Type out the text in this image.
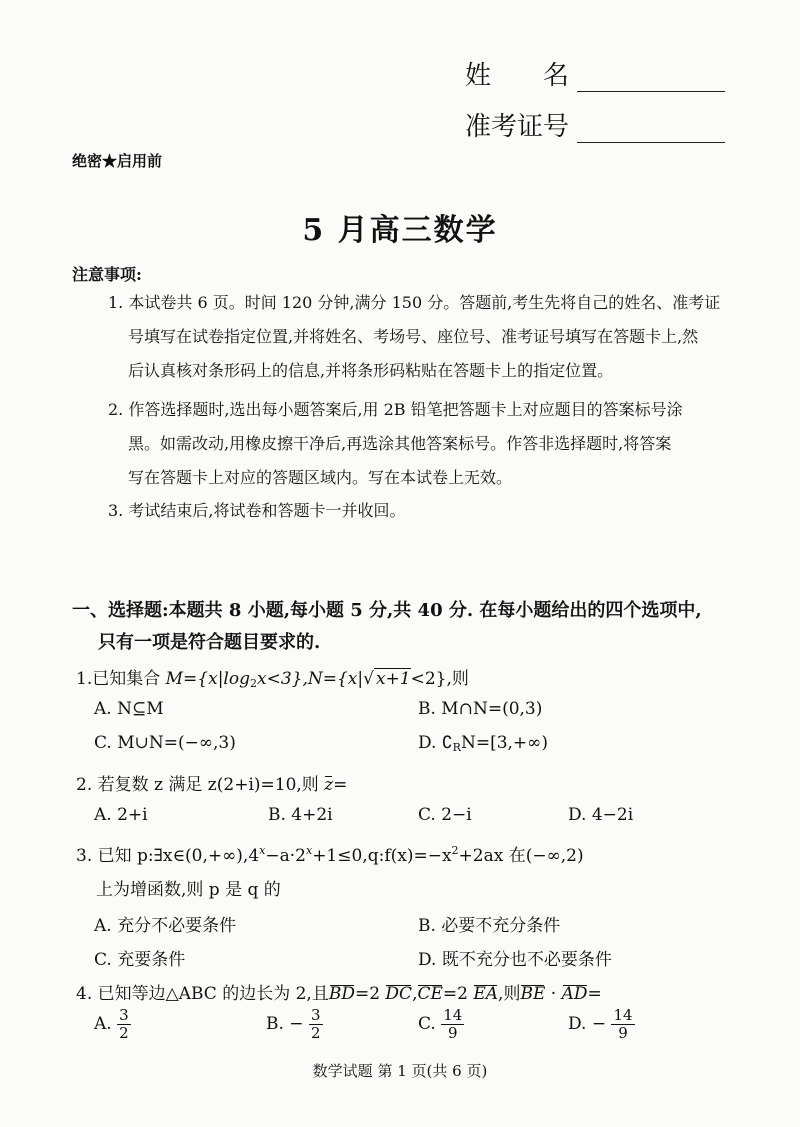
姓　　名
准考证号
绝密★启用前
5 月高三数学
注意事项:
1. 本试卷共 6 页。时间 120 分钟,满分 150 分。答题前,考生先将自己的姓名、准考证
号填写在试卷指定位置,并将姓名、考场号、座位号、准考证号填写在答题卡上,然
后认真核对条形码上的信息,并将条形码粘贴在答题卡上的指定位置。
2. 作答选择题时,选出每小题答案后,用 2B 铅笔把答题卡上对应题目的答案标号涂
黑。如需改动,用橡皮擦干净后,再选涂其他答案标号。作答非选择题时,将答案
写在答题卡上对应的答题区域内。写在本试卷上无效。
3. 考试结束后,将试卷和答题卡一并收回。
一、选择题:本题共 8 小题,每小题 5 分,共 40 分. 在每小题给出的四个选项中,
只有一项是符合题目要求的.
1.已知集合 $M=\{x|\log_2x<3\},N=\{x|√$ x+1<2},则
A. N⊆M	B. M∩N=(0,3)
C. M∪N=(−∞,3)	D. $∁_RN=[3,+\infty)$
2. 若复数 z 满足 z(2+i)=10,则 z=
A. 2+i	B. 4+2i	C. 2−i	D. 4−2i
3. 已知 $p:\exists x\in(0,+\infty),4^x-a\cdot 2^x+1\le 0,q:f(x)=-x^2+2ax$ 在(−∞,2)
上为增函数,则 p 是 q 的
A. 充分不必要条件	B. 必要不充分条件
C. 充要条件	D. 既不充分也不必要条件
4. 已知等边△ABC 的边长为 2,且BD=2 DC,CE=2 EA,则BE · AD=
A. $\frac{3}{2}$	B. − $\frac{3}{2}$	C. $\frac{14}{9}$	D. − $\frac{14}{9}$
数学试题 第 1 页(共 6 页)
